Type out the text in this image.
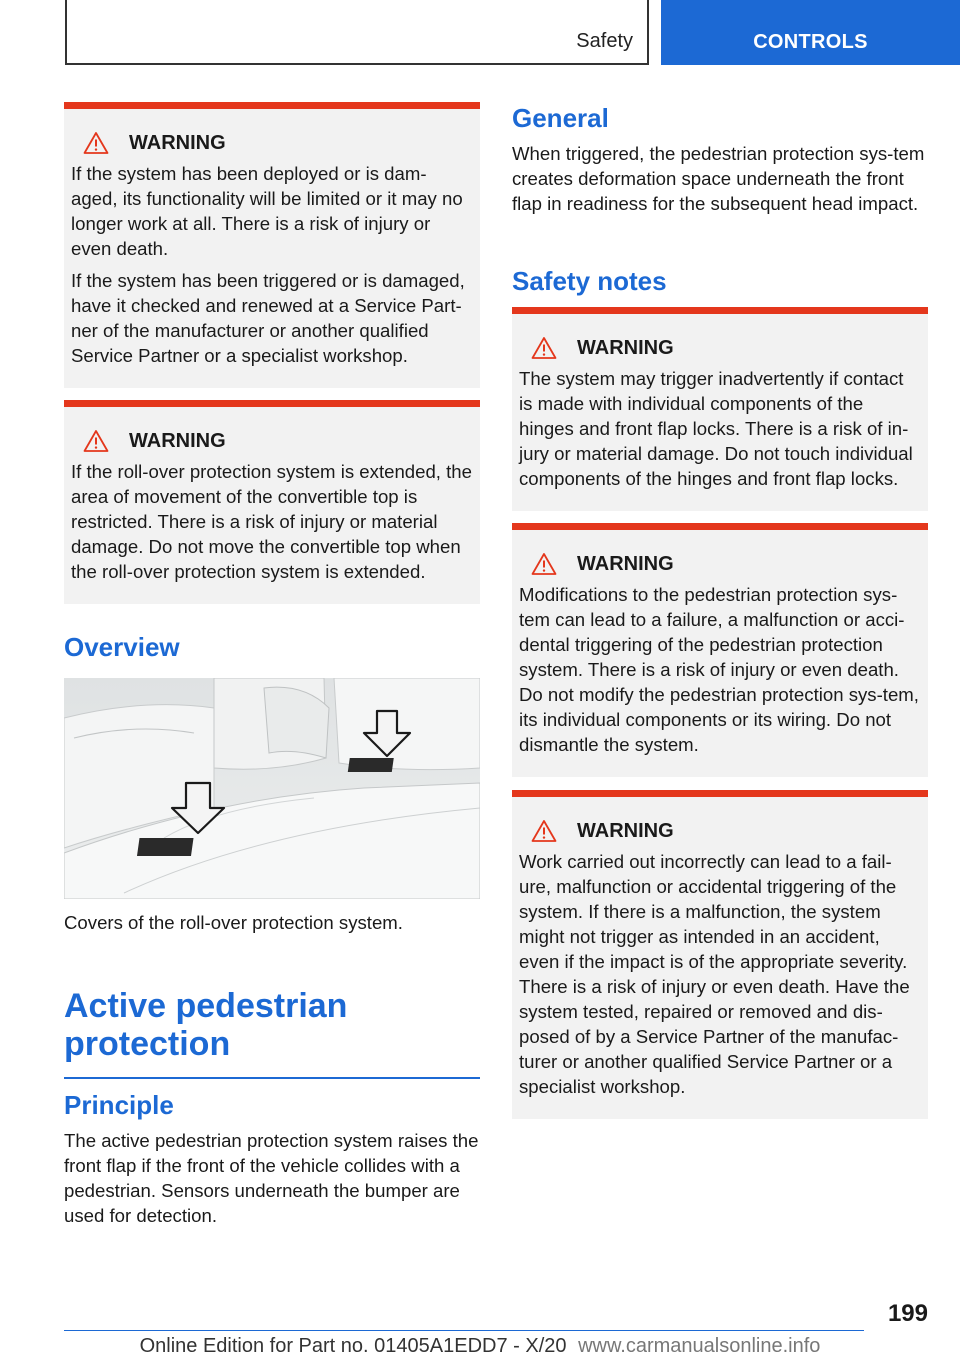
Safety	CONTROLS
WARNING

If the system has been deployed or is dam-aged, its functionality will be limited or it may no longer work at all. There is a risk of injury or even death.

If the system has been triggered or is damaged, have it checked and renewed at a Service Part-ner of the manufacturer or another qualified Service Partner or a specialist workshop.

WARNING

If the roll-over protection system is extended, the area of movement of the convertible top is restricted. There is a risk of injury or material damage. Do not move the convertible top when the roll-over protection system is extended.

Overview
Covers of the roll-over protection system.
Active pedestrian protection
Principle
The active pedestrian protection system raises the front flap if the front of the vehicle collides with a pedestrian. Sensors underneath the bumper are used for detection.
General
When triggered, the pedestrian protection sys-tem creates deformation space underneath the front flap in readiness for the subsequent head impact.
Safety notes
WARNING

The system may trigger inadvertently if contact is made with individual components of the hinges and front flap locks. There is a risk of in-jury or material damage. Do not touch individual components of the hinges and front flap locks.

WARNING

Modifications to the pedestrian protection sys-tem can lead to a failure, a malfunction or acci-dental triggering of the pedestrian protection system. There is a risk of injury or even death. Do not modify the pedestrian protection sys-tem, its individual components or its wiring. Do not dismantle the system.

WARNING

Work carried out incorrectly can lead to a fail-ure, malfunction or accidental triggering of the system. If there is a malfunction, the system might not trigger as intended in an accident, even if the impact is of the appropriate severity. There is a risk of injury or even death. Have the system tested, repaired or removed and dis-posed of by a Service Partner of the manufac-turer or another qualified Service Partner or a specialist workshop.

199
Online Edition for Part no. 01405A1EDD7 - X/20 www.carmanualsonline.info
